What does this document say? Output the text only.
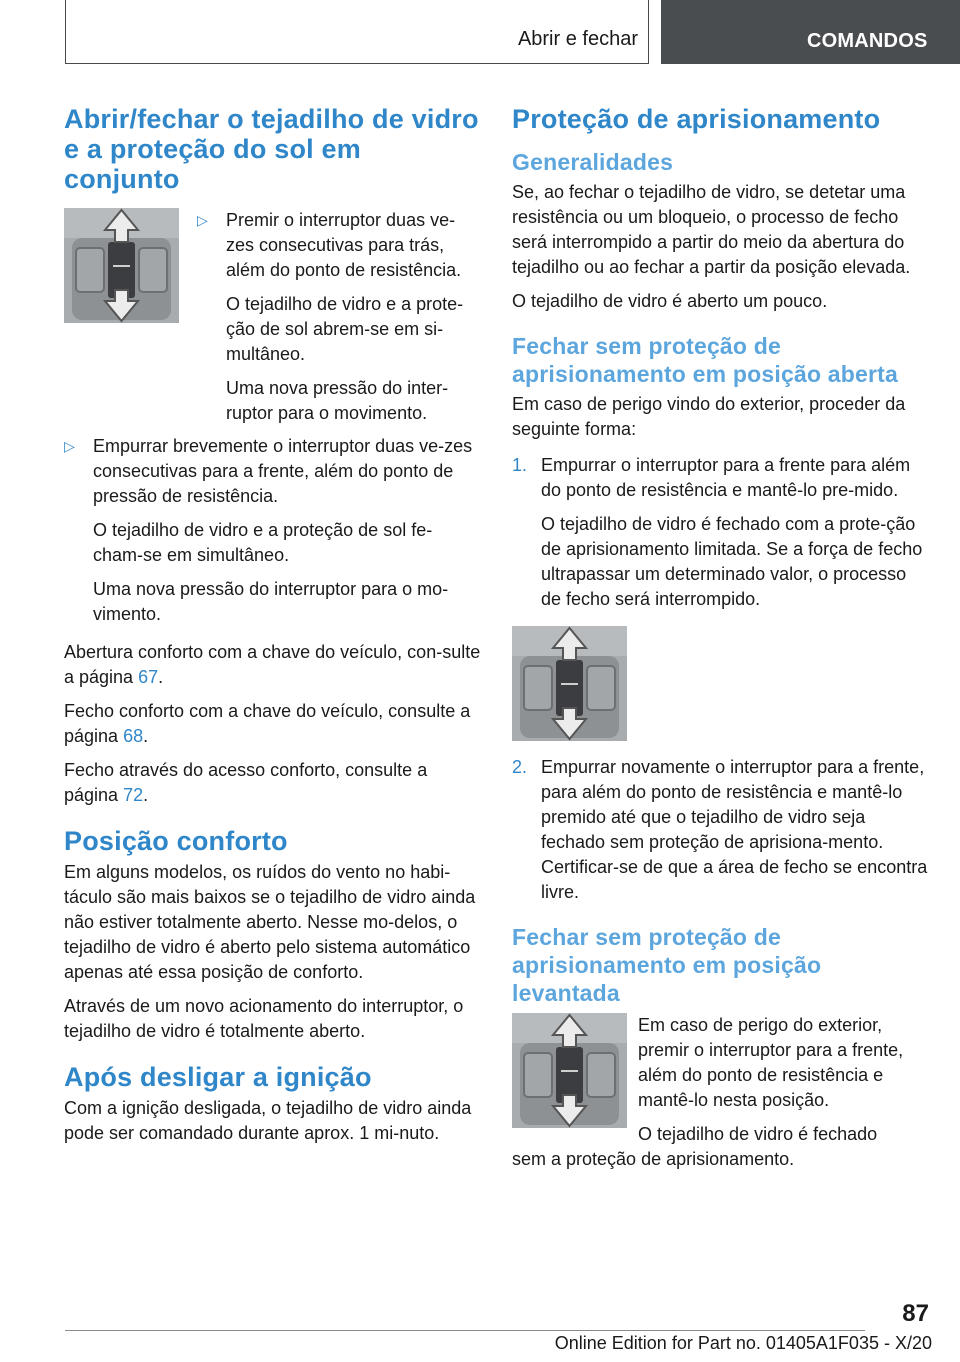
Abrir e fechar	COMANDOS
Abrir/fechar o tejadilho de vidro e a proteção do sol em conjunto
▷	Premir o interruptor duas ve‐zes consecutivas para trás, além do ponto de resistência.

O tejadilho de vidro e a prote‐ção de sol abrem-se em si‐multâneo.

Uma nova pressão do inter‐ruptor para o movimento.

▷	Empurrar brevemente o interruptor duas ve‐zes consecutivas para a frente, além do ponto de pressão de resistência.

O tejadilho de vidro e a proteção de sol fe‐cham-se em simultâneo.

Uma nova pressão do interruptor para o mo‐vimento.

Abertura conforto com a chave do veículo, con‐sulte a página 67.

Fecho conforto com a chave do veículo, consulte a página 68.

Fecho através do acesso conforto, consulte a página 72.

Posição conforto

Em alguns modelos, os ruídos do vento no habi‐táculo são mais baixos se o tejadilho de vidro ainda não estiver totalmente aberto. Nesse mo‐delos, o tejadilho de vidro é aberto pelo sistema automático apenas até essa posição de conforto.

Através de um novo acionamento do interruptor, o tejadilho de vidro é totalmente aberto.

Após desligar a ignição

Com a ignição desligada, o tejadilho de vidro ainda pode ser comandado durante aprox. 1 mi‐nuto.

Proteção de aprisionamento
Generalidades

Se, ao fechar o tejadilho de vidro, se detetar uma resistência ou um bloqueio, o processo de fecho será interrompido a partir do meio da abertura do tejadilho ou ao fechar a partir da posição elevada.

O tejadilho de vidro é aberto um pouco.

Fechar sem proteção de aprisionamento em posição aberta

Em caso de perigo vindo do exterior, proceder da seguinte forma:

1. Empurrar o interruptor para a frente para além do ponto de resistência e mantê-lo pre‐mido.

O tejadilho de vidro é fechado com a prote‐ção de aprisionamento limitada. Se a força de fecho ultrapassar um determinado valor, o processo de fecho será interrompido.

2. Empurrar novamente o interruptor para a frente, para além do ponto de resistência e mantê-lo premido até que o tejadilho de vidro seja fechado sem proteção de aprisiona‐mento. Certificar-se de que a área de fecho se encontra livre.

Fechar sem proteção de aprisionamento em posição levantada

Em caso de perigo do exterior, premir o interruptor para a frente, além do ponto de resistência e mantê-lo nesta posição.

O tejadilho de vidro é fechado

sem a proteção de aprisionamento.

87
Online Edition for Part no. 01405A1F035 - X/20
